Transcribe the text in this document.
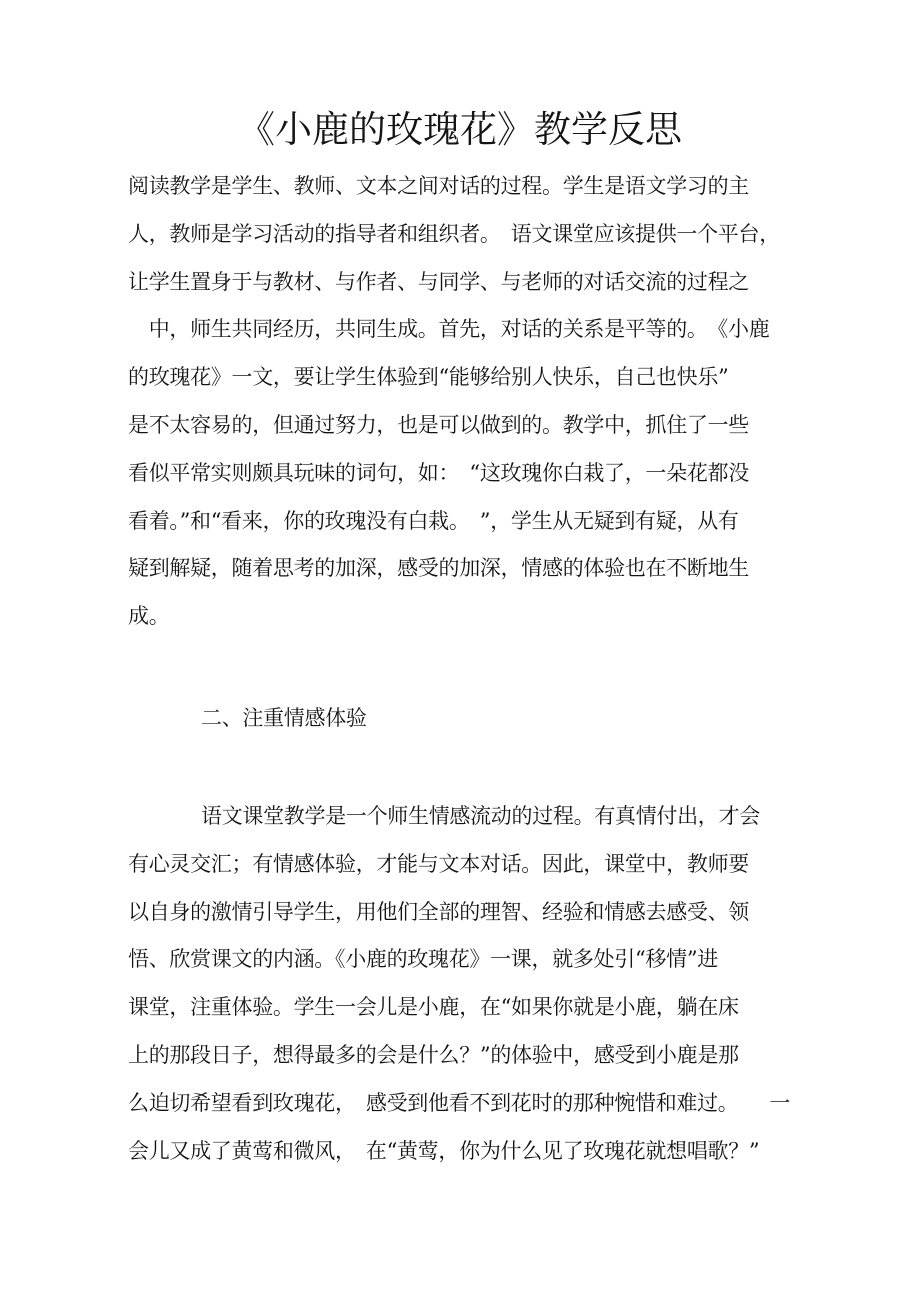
《小鹿的玫瑰花》教学反思
阅读教学是学生、教师、文本之间对话的过程。学生是语文学习的主
人，教师是学习活动的指导者和组织者。　语文课堂应该提供一个平台，
让学生置身于与教材、与作者、与同学、与老师的对话交流的过程之
　中，师生共同经历，共同生成。首先，对话的关系是平等的。　《小鹿
的玫瑰花》一文，要让学生体验到“能够给别人快乐，自己也快乐”
是不太容易的，但通过努力，也是可以做到的。教学中，抓住了一些
看似平常实则颇具玩味的词句，如：　“这玫瑰你白栽了，一朵花都没
看着。”和“看来，你的玫瑰没有白栽。　”，学生从无疑到有疑，从有
疑到解疑，随着思考的加深，感受的加深，情感的体验也在不断地生
成。
二、注重情感体验
语文课堂教学是一个师生情感流动的过程。有真情付出，才会
有心灵交汇；有情感体验，才能与文本对话。因此，课堂中，教师要
以自身的激情引导学生，用他们全部的理智、经验和情感去感受、领
悟、欣赏课文的内涵。《小鹿的玫瑰花》一课，就多处引“移情”进
课堂，注重体验。学生一会儿是小鹿，在“如果你就是小鹿，躺在床
上的那段日子，想得最多的会是什么？”的体验中，感受到小鹿是那
么迫切希望看到玫瑰花，　感受到他看不到花时的那种惋惜和难过。　　一
会儿又成了黄莺和微风，　在“黄莺，你为什么见了玫瑰花就想唱歌？”
